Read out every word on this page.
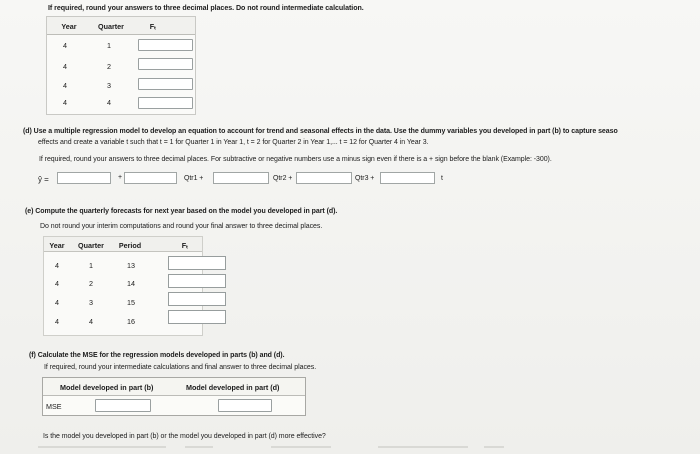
If required, round your answers to three decimal places. Do not round intermediate calculation.
Year	Quarter	Fₜ
4	1
4	2
4	3
4	4
(d) Use a multiple regression model to develop an equation to account for trend and seasonal effects in the data. Use the dummy variables you developed in part (b) to capture seaso
effects and create a variable t such that t = 1 for Quarter 1 in Year 1, t = 2 for Quarter 2 in Year 1,... t = 12 for Quarter 4 in Year 3.
If required, round your answers to three decimal places. For subtractive or negative numbers use a minus sign even if there is a + sign before the blank (Example: -300).
ŷ =	+	Qtr1 +	Qtr2 +	Qtr3 +	t
(e) Compute the quarterly forecasts for next year based on the model you developed in part (d).
Do not round your interim computations and round your final answer to three decimal places.
Year	Quarter	Period	Fₜ
4	1	13
4	2	14
4	3	15
4	4	16
(f) Calculate the MSE for the regression models developed in parts (b) and (d).
If required, round your intermediate calculations and final answer to three decimal places.
Model developed in part (b)	Model developed in part (d)
MSE
Is the model you developed in part (b) or the model you developed in part (d) more effective?
